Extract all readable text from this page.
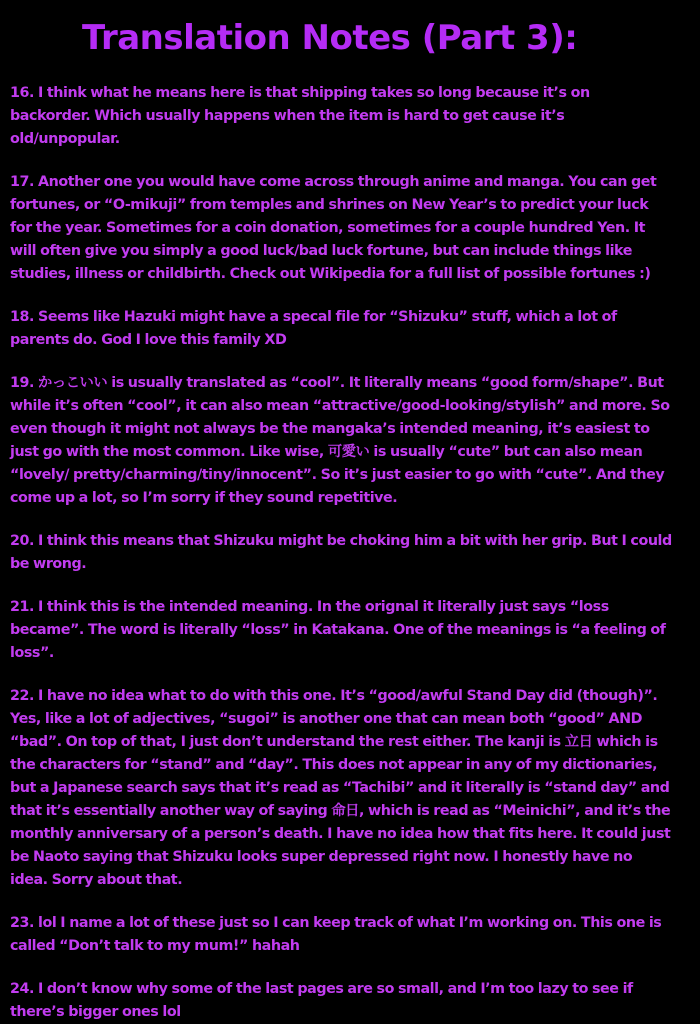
Translation Notes (Part 3):

16. I think what he means here is that shipping takes so long because it’s on backorder. Which usually happens when the item is hard to get cause it’s old/unpopular.

17. Another one you would have come across through anime and manga. You can get fortunes, or “O-mikuji” from temples and shrines on New Year’s to predict your luck for the year. Sometimes for a coin donation, sometimes for a couple hundred Yen. It will often give you simply a good luck/bad luck fortune, but can include things like studies, illness or childbirth. Check out Wikipedia for a full list of possible fortunes :)

18. Seems like Hazuki might have a specal file for “Shizuku” stuff, which a lot of parents do. God I love this family XD

19. かっこいい is usually translated as “cool”. It literally means “good form/shape”. But while it’s often “cool”, it can also mean “attractive/good-looking/stylish” and more. So even though it might not always be the mangaka’s intended meaning, it’s easiest to just go with the most common. Like wise, 可愛い is usually “cute” but can also mean “lovely/ pretty/charming/tiny/innocent”. So it’s just easier to go with “cute”. And they come up a lot, so I’m sorry if they sound repetitive.

20. I think this means that Shizuku might be choking him a bit with her grip. But I could be wrong.

21. I think this is the intended meaning. In the orignal it literally just says “loss became”. The word is literally “loss” in Katakana. One of the meanings is “a feeling of loss”.

22. I have no idea what to do with this one. It’s “good/awful Stand Day did (though)”. Yes, like a lot of adjectives, “sugoi” is another one that can mean both “good” AND “bad”. On top of that, I just don’t understand the rest either. The kanji is 立日 which is the characters for “stand” and “day”. This does not appear in any of my dictionaries, but a Japanese search says that it’s read as “Tachibi” and it literally is “stand day” and that it’s essentially another way of saying 命日, which is read as “Meinichi”, and it’s the monthly anniversary of a person’s death. I have no idea how that fits here. It could just be Naoto saying that Shizuku looks super depressed right now. I honestly have no idea. Sorry about that.

23. lol I name a lot of these just so I can keep track of what I’m working on. This one is called “Don’t talk to my mum!” hahah

24. I don’t know why some of the last pages are so small, and I’m too lazy to see if there’s bigger ones lol
